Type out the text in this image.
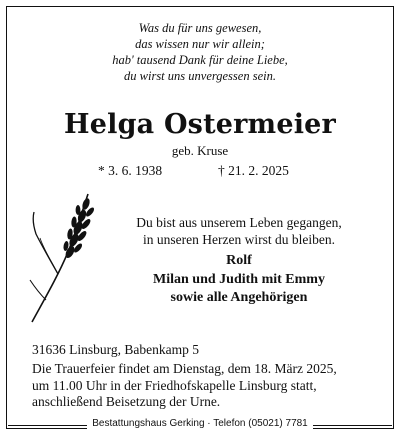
Was du für uns gewesen,
das wissen nur wir allein;
hab' tausend Dank für deine Liebe,
du wirst uns unvergessen sein.
Helga Ostermeier
geb. Kruse
* 3. 6. 1938	† 21. 2. 2025
Du bist aus unserem Leben gegangen,
in unseren Herzen wirst du bleiben.
Rolf
Milan und Judith mit Emmy
sowie alle Angehörigen
31636 Linsburg, Babenkamp 5
Die Trauerfeier findet am Dienstag, dem 18. März 2025,
um 11.00 Uhr in der Friedhofskapelle Linsburg statt,
anschließend Beisetzung der Urne.
Bestattungshaus Gerking · Telefon (05021) 7781
